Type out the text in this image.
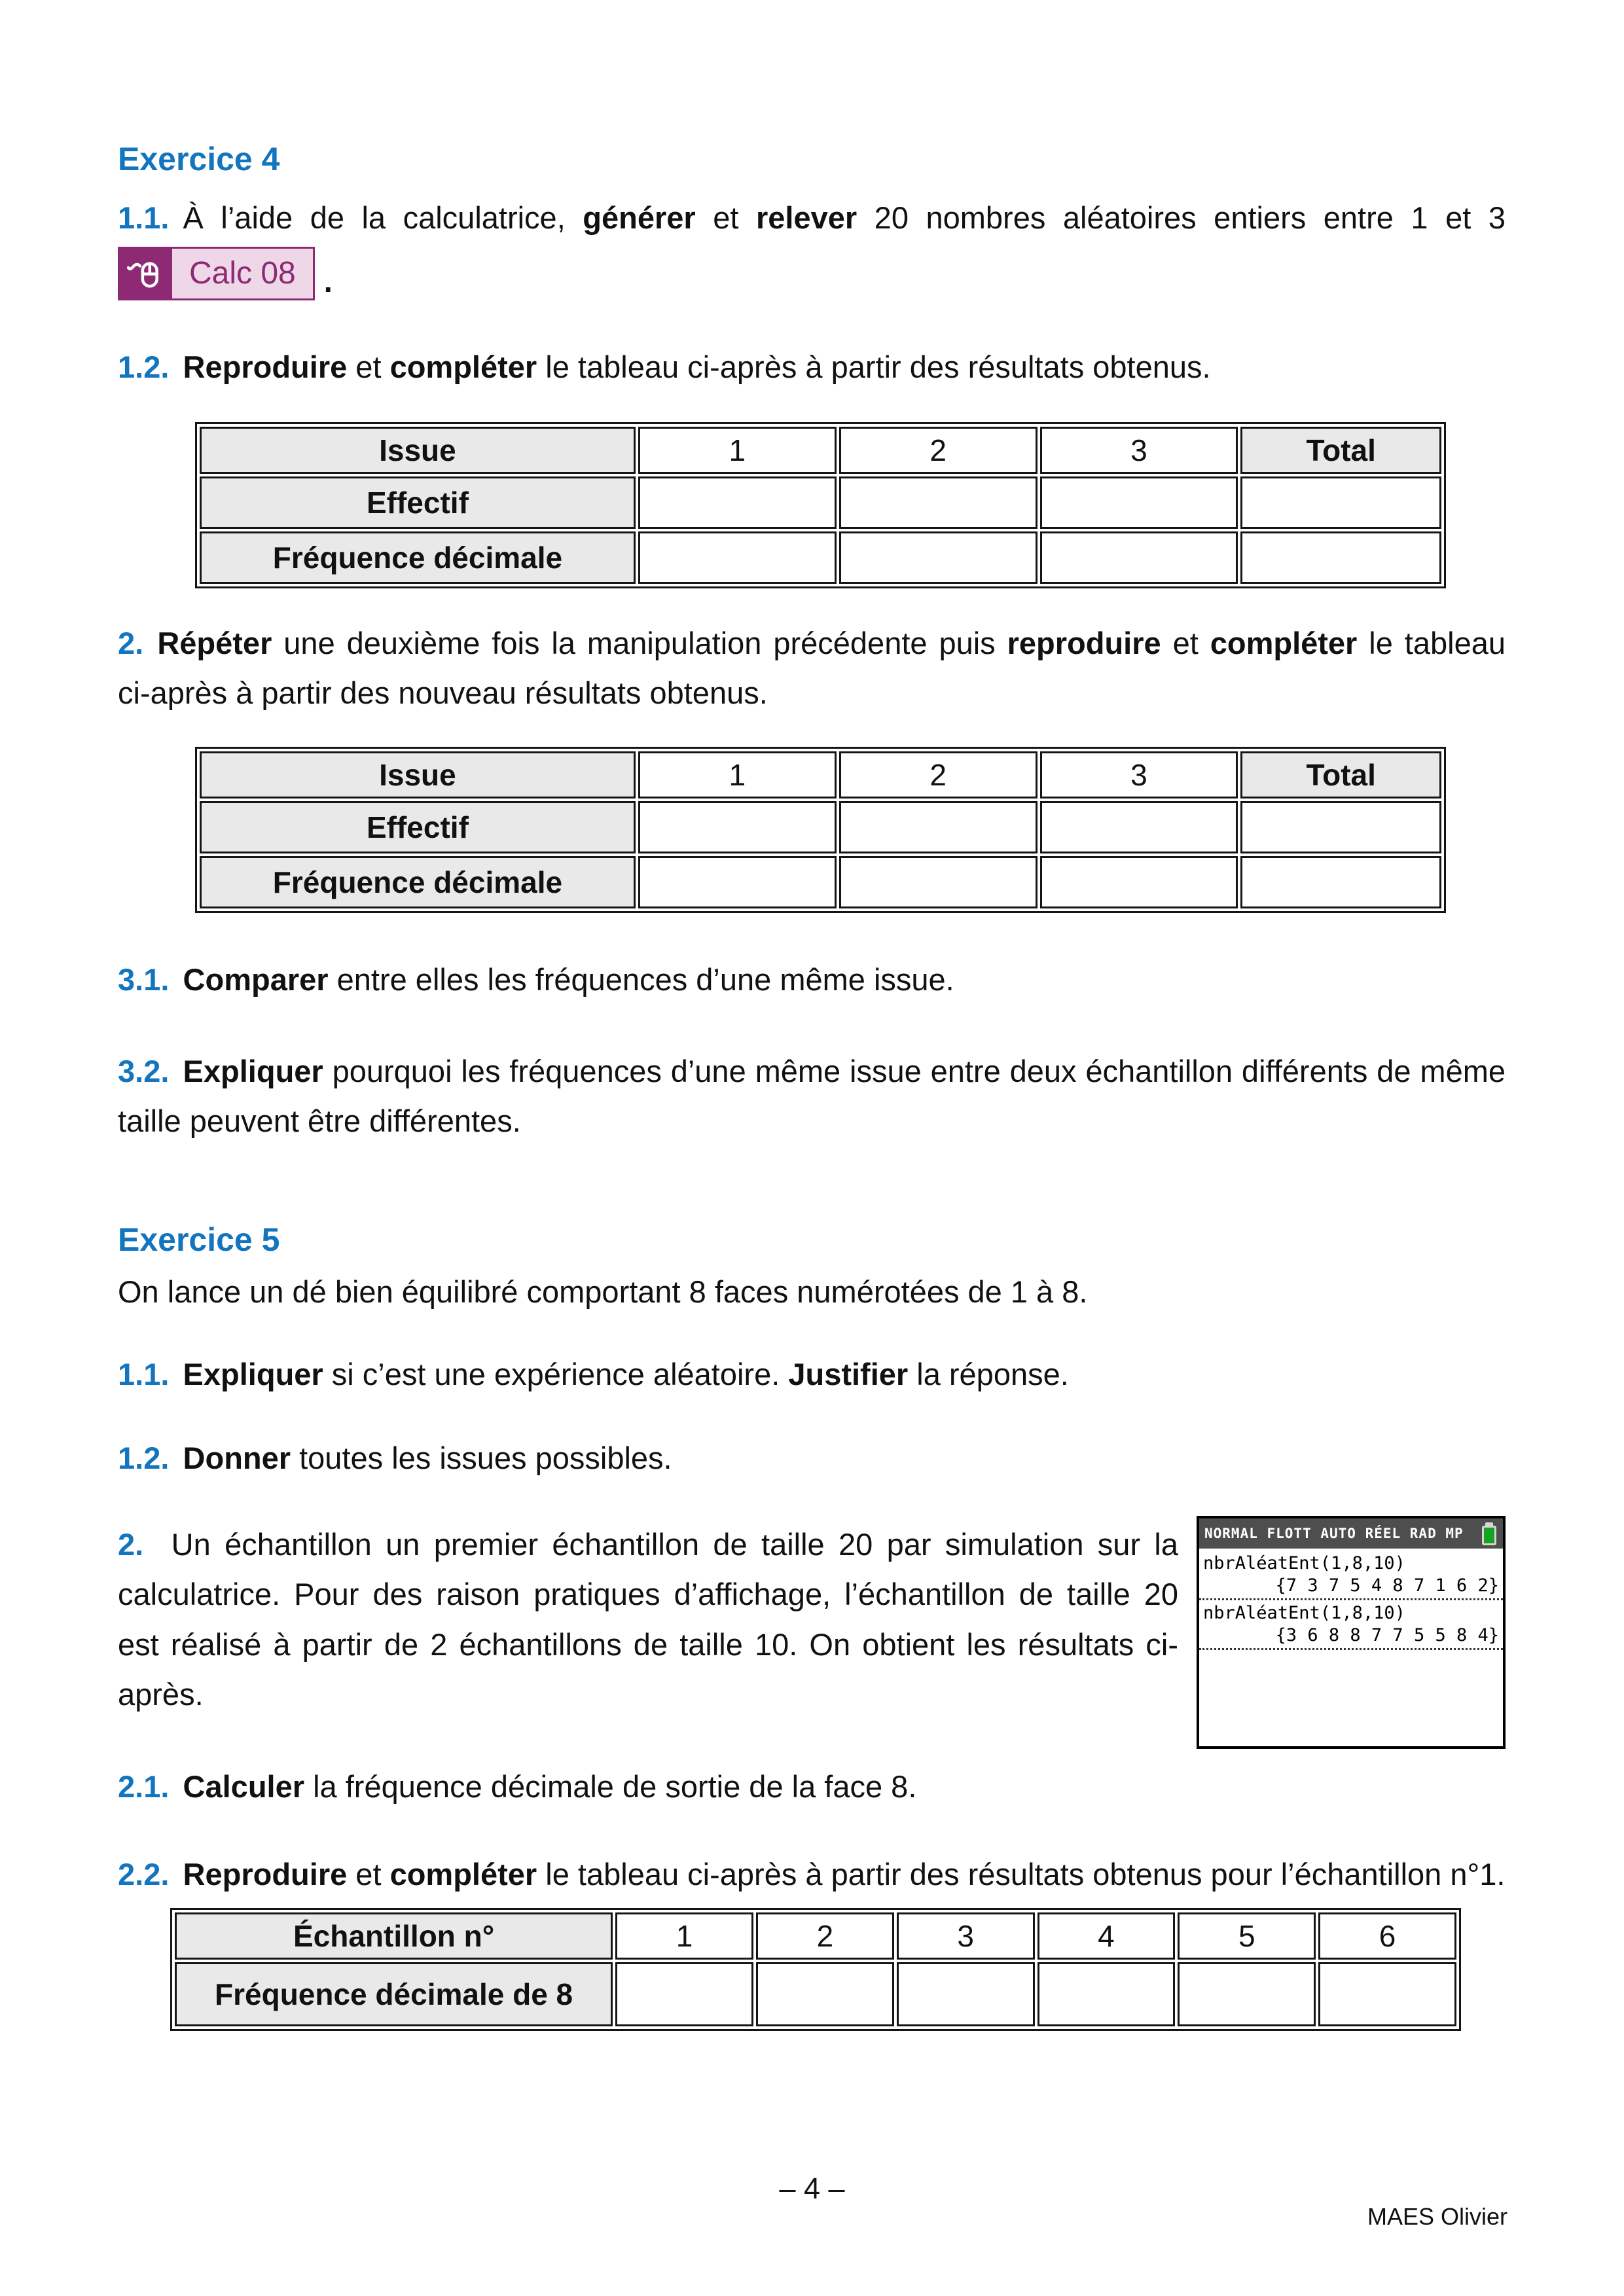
Exercice 4

1.1. À l’aide de la calculatrice, générer et relever 20 nombres aléatoires entiers entre 1 et 3

Calc 08 .

1.2. Reproduire et compléter le tableau ci-après à partir des résultats obtenus.

Issue	1	2	3	Total
Effectif				
Fréquence décimale				

2. Répéter une deuxième fois la manipulation précédente puis reproduire et compléter le tableau ci-après à partir des nouveau résultats obtenus.

Issue	1	2	3	Total
Effectif				
Fréquence décimale				

3.1. Comparer entre elles les fréquences d’une même issue.

3.2. Expliquer pourquoi les fréquences d’une même issue entre deux échantillon différents de même taille peuvent être différentes.

Exercice 5

On lance un dé bien équilibré comportant 8 faces numérotées de 1 à 8.

1.1. Expliquer si c’est une expérience aléatoire. Justifier la réponse.

1.2. Donner toutes les issues possibles.

NORMAL FLOTT AUTO RÉEL RAD MP
nbrAléatEnt(1,8,10)
{7 3 7 5 4 8 7 1 6 2}
nbrAléatEnt(1,8,10)
{3 6 8 8 7 7 5 5 8 4}

2. Un échantillon un premier échantillon de taille 20 par simulation sur la calculatrice. Pour des raison pratiques d’affichage, l’échantillon de taille 20 est réalisé à partir de 2 échantillons de taille 10. On obtient les résultats ci-après.

2.1. Calculer la fréquence décimale de sortie de la face 8.

2.2. Reproduire et compléter le tableau ci-après à partir des résultats obtenus pour l’échantillon n°1.

Échantillon n°	1	2	3	4	5	6
Fréquence décimale de 8						
– 4 –
MAES Olivier
